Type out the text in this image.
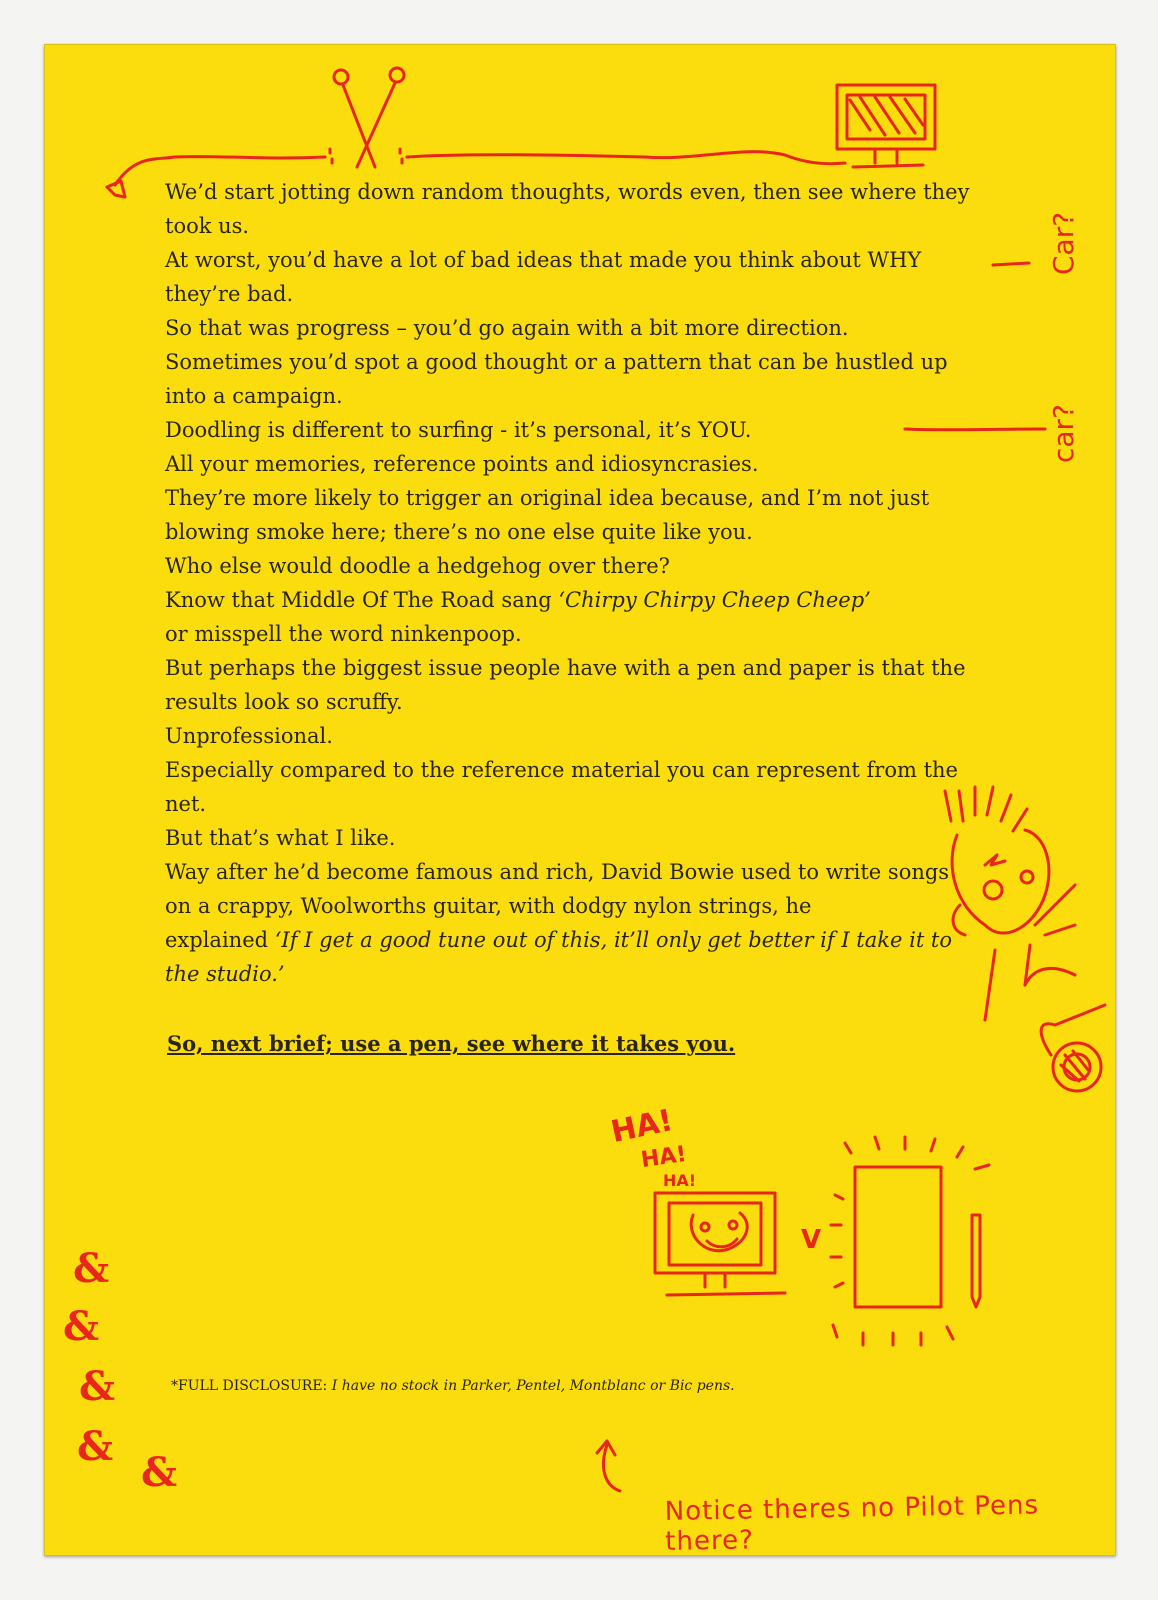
We’d start jotting down random thoughts, words even, then see where they took us.

At worst, you’d have a lot of bad ideas that made you think about WHY they’re bad.

So that was progress – you’d go again with a bit more direction.

Sometimes you’d spot a good thought or a pattern that can be hustled up into a campaign.

Doodling is different to surfing - it’s personal, it’s YOU.

All your memories, reference points and idiosyncrasies.

They’re more likely to trigger an original idea because, and I’m not just blowing smoke here; there’s no one else quite like you.

Who else would doodle a hedgehog over there?

Know that Middle Of The Road sang ‘Chirpy Chirpy Cheep Cheep’

or misspell the word ninkenpoop.

But perhaps the biggest issue people have with a pen and paper is that the results look so scruffy.

Unprofessional.

Especially compared to the reference material you can represent from the net.

But that’s what I like.

Way after he’d become famous and rich, David Bowie used to write songs on a crappy, Woolworths guitar, with dodgy nylon strings, he

explained ‘If I get a good tune out of this, it’ll only get better if I take it to the studio.’

So, next brief; use a pen, see where it takes you.
*FULL DISCLOSURE: I have no stock in Parker, Pentel, Montblanc or Bic pens.
Car?
car?
HA!
HA!
HA!
V
&
&
&
&
&
Notice theres no Pilot Pens there?
